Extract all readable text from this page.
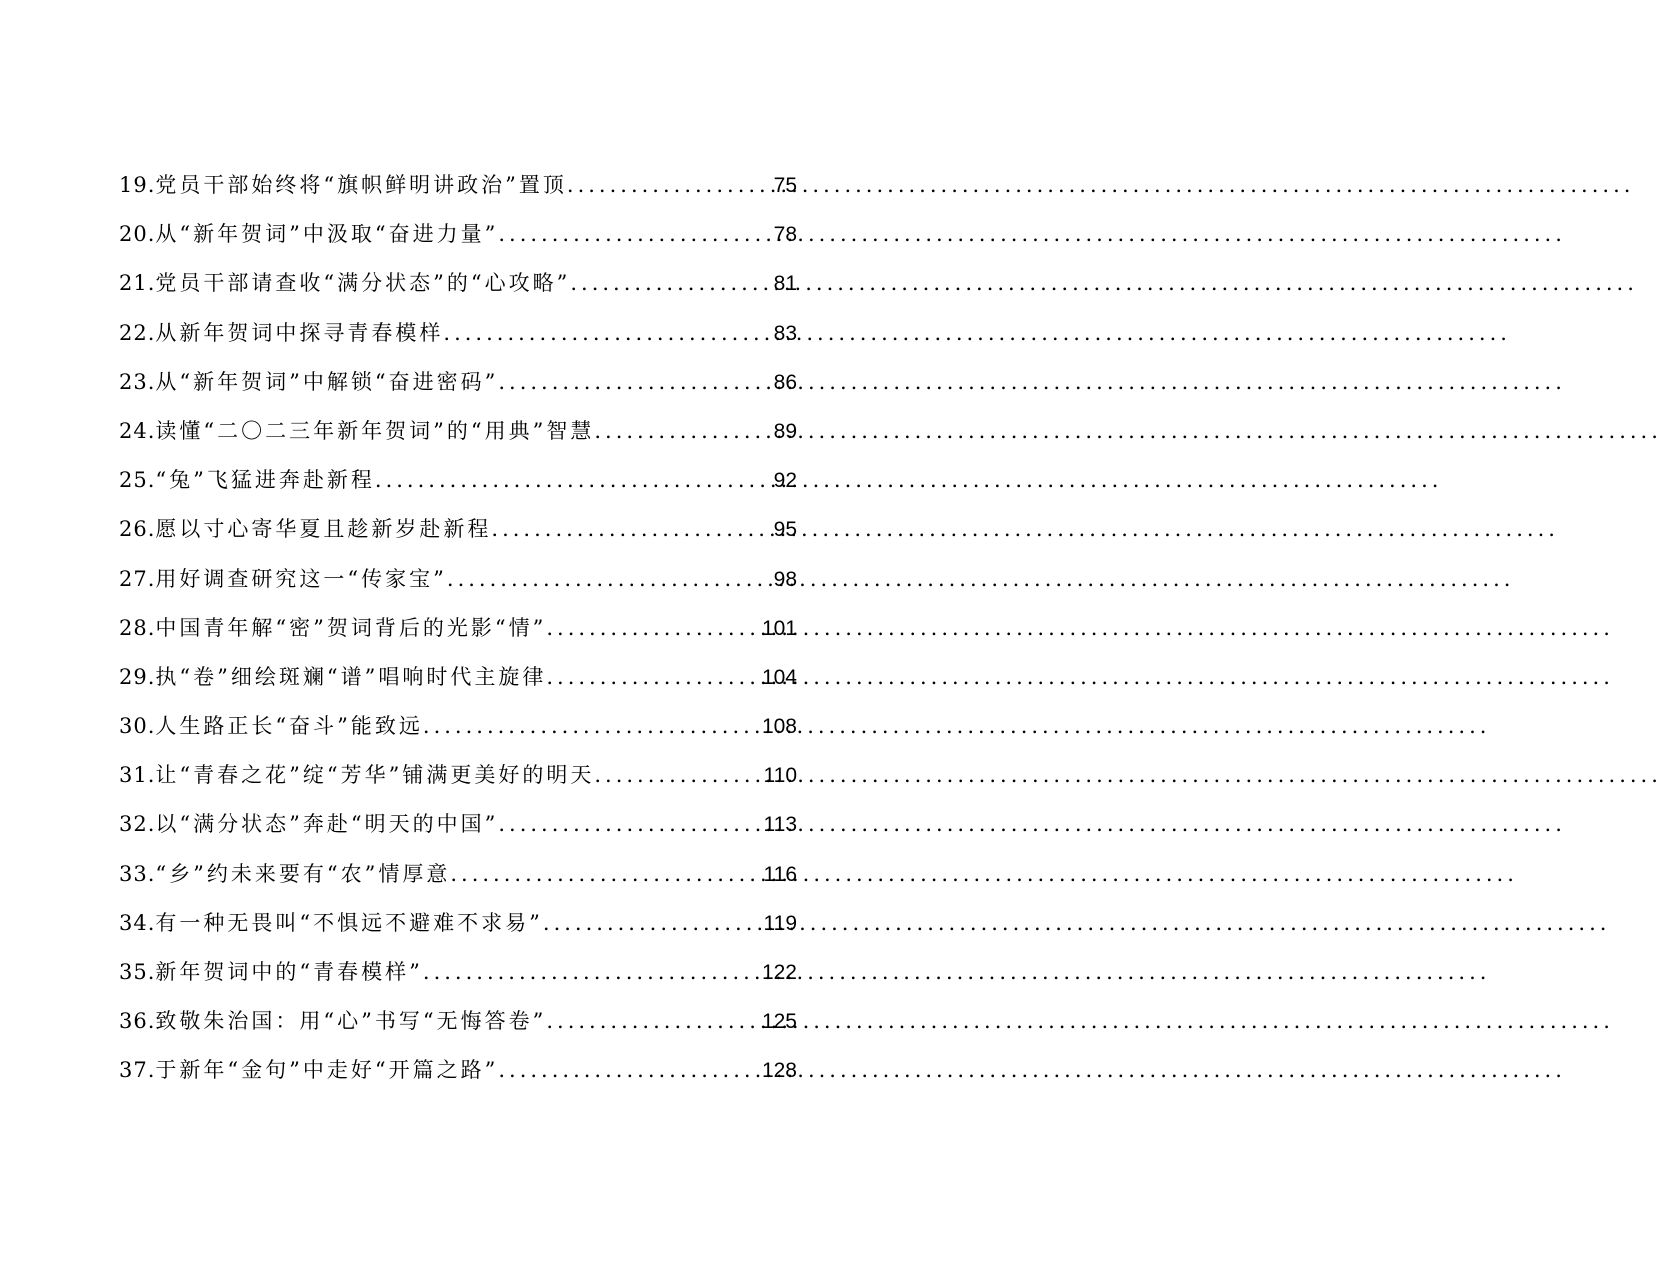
19. 党员干部始终将“旗帜鲜明讲政治”置顶 .....	75
20. 从“新年贺词”中汲取“奋进力量” .....	78
21. 党员干部请查收“满分状态”的“心攻略” .....	81
22. 从新年贺词中探寻青春模样 .....	83
23. 从“新年贺词”中解锁“奋进密码” .....	86
24. 读懂“二〇二三年新年贺词”的“用典”智慧 .....	89
25. “兔”飞猛进奔赴新程 .....	92
26. 愿以寸心寄华夏且趁新岁赴新程 .....	95
27. 用好调查研究这一“传家宝” .....	98
28. 中国青年解“密”贺词背后的光影“情” .....	101
29. 执“卷”细绘斑斓“谱”唱响时代主旋律 .....	104
30. 人生路正长“奋斗”能致远 .....	108
31. 让“青春之花”绽“芳华”铺满更美好的明天 .....	110
32. 以“满分状态”奔赴“明天的中国” .....	113
33. “乡”约未来要有“农”情厚意 .....	116
34. 有一种无畏叫“不惧远不避难不求易” .....	119
35. 新年贺词中的“青春模样” .....	122
36. 致敬朱治国：用“心”书写“无悔答卷” .....	125
37. 于新年“金句”中走好“开篇之路” .....	128
